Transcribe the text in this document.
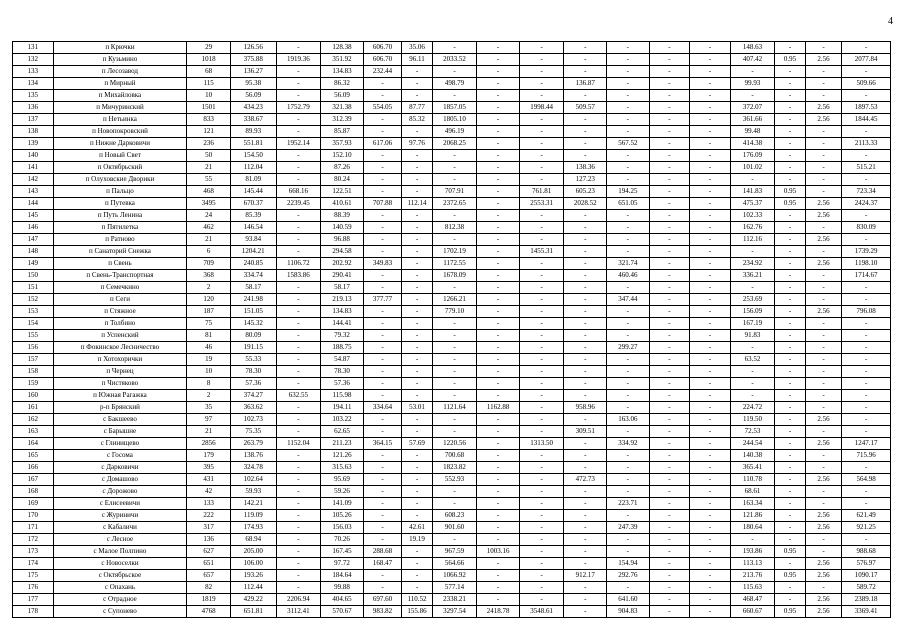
4
131	п Крючки	29	126.56	-	128.38	606.70	35.06	-	-	-	-	-	-	-	148.63	-	-	-
132	п Кузьмино	1018	375.88	1919.36	351.92	606.70	96.11	2033.52	-	-	-	-	-	-	407.42	0.95	2.56	2077.84
133	п Лесозавод	68	136.27	-	134.83	232.44	-	-	-	-	-	-	-	-	-	-	-	-
134	п Мирный	115	95.38	-	86.32	-	-	498.79	-	-	136.87	-	-	-	99.93	-	-	509.66
135	п Михайловка	10	56.09	-	56.09	-	-	-	-	-	-	-	-	-	-	-	-	-
136	п Мичуринский	1501	434.23	1752.79	321.38	554.05	87.77	1857.05	-	1998.44	509.57	-	-	-	372.07	-	2.56	1897.53
137	п Нетьинка	833	338.67	-	312.39	-	85.32	1805.10	-	-	-	-	-	-	361.66	-	2.56	1844.45
138	п Новопокровский	121	89.93	-	85.87	-	-	496.19	-	-	-	-	-	-	99.48	-	-	-
139	п Нижне Дарковичи	236	551.81	1952.14	357.93	617.06	97.76	2068.25	-	-	-	567.52	-	-	414.38	-	-	2113.33
140	п Новый Свет	50	154.50	-	152.10	-	-	-	-	-	-	-	-	-	176.09	-	-	-
141	п Октябрьский	21	112.04	-	87.26	-	-	-	-	-	138.36	-	-	-	101.02	-	-	515.21
142	п Олуховские Дворики	55	81.09	-	80.24	-	-	-	-	-	127.23	-	-	-	-	-	-	-
143	п Пальцо	468	145.44	668.16	122.51	-	-	707.91	-	761.81	605.23	194.25	-	-	141.83	0.95	-	723.34
144	п Путевка	3495	670.37	2239.45	410.61	707.88	112.14	2372.65	-	2553.31	2028.52	651.05	-	-	475.37	0.95	2.56	2424.37
145	п Путь Ленина	24	85.39	-	88.39	-	-	-	-	-	-	-	-	-	102.33	-	2.56	-
146	п Пятилетка	462	146.54	-	140.59	-	-	812.38	-	-	-	-	-	-	162.76	-	-	830.09
147	п Ратново	21	93.84	-	96.88	-	-	-	-	-	-	-	-	-	112.16	-	2.56	-
148	п Санаторий Снежка	6	1204.21	-	294.58	-	-	1702.19	-	1455.31	-	-	-	-	-	-	-	1739.29
149	п Свень	709	240.85	1106.72	202.92	349.83	-	1172.55	-	-	-	321.74	-	-	234.92	-	2.56	1198.10
150	п Свень-Транспортная	368	334.74	1583.86	290.41	-	-	1678.09	-	-	-	460.46	-	-	336.21	-	-	1714.67
151	п Семечкино	2	58.17	-	58.17	-	-	-	-	-	-	-	-	-	-	-	-	-
152	п Сеги	120	241.98	-	219.13	377.77	-	1266.21	-	-	-	347.44	-	-	253.69	-	-	-
153	п Стяжное	187	151.05	-	134.83	-	-	779.10	-	-	-	-	-	-	156.09	-	2.56	796.08
154	п Толбино	75	145.32	-	144.41	-	-	-	-	-	-	-	-	-	167.19	-	-	-
155	п Успенский	81	80.09	-	79.32	-	-	-	-	-	-	-	-	-	91.83	-	-	-
156	п Фокинское Лесничество	46	191.15	-	188.75	-	-	-	-	-	-	299.27	-	-	-	-	-	-
157	п Хотохорички	19	55.33	-	54.87	-	-	-	-	-	-	-	-	-	63.52	-	-	-
158	п Чернец	10	78.30	-	78.30	-	-	-	-	-	-	-	-	-	-	-	-	-
159	п Чистяково	8	57.36	-	57.36	-	-	-	-	-	-	-	-	-	-	-	-	-
160	п Южная Рагажка	2	374.27	632.55	115.98	-	-	-	-	-	-	-	-	-	-	-	-	-
161	р-п Брянский	35	363.62	-	194.11	334.64	53.01	1121.64	1162.88	-	958.96	-	-	-	224.72	-	-	-
162	с Бакшеево	97	102.73	-	103.22	-	-	-	-	-	-	163.06	-	-	119.50	-	2.56	-
163	с Барышне	21	75.35	-	62.65	-	-	-	-	-	309.51	-	-	-	72.53	-	-	-
164	с Глинищево	2856	263.79	1152.04	211.23	364.15	57.69	1220.56	-	1313.50	-	334.92	-	-	244.54	-	2.56	1247.17
165	с Госома	179	138.76	-	121.26	-	-	700.68	-	-	-	-	-	-	140.38	-	-	715.96
166	с Дарковичи	395	324.78	-	315.63	-	-	1823.82	-	-	-	-	-	-	365.41	-	-	-
167	с Домашово	431	102.64	-	95.69	-	-	552.93	-	-	472.73	-	-	-	110.78	-	2.56	564.98
168	с Дорожово	42	59.93	-	59.26	-	-	-	-	-	-	-	-	-	68.61	-	-	-
169	с Елисеевичи	133	142.21	-	141.09	-	-	-	-	-	-	223.71	-	-	163.34	-	-	-
170	с Журиничи	222	119.09	-	105.26	-	-	608.23	-	-	-	-	-	-	121.86	-	2.56	621.49
171	с Кабаличи	317	174.93	-	156.03	-	42.61	901.60	-	-	-	247.39	-	-	180.64	-	2.56	921.25
172	с Лесное	136	68.94	-	70.26	-	19.19	-	-	-	-	-	-	-	-	-	-	-
173	с Малое Полпино	627	205.00	-	167.45	288.68	-	967.59	1003.16	-	-	-	-	-	193.86	0.95	-	988.68
174	с Новоселки	651	106.00	-	97.72	168.47	-	564.66	-	-	-	154.94	-	-	113.13	-	2.56	576.97
175	с Октябрьское	657	193.26	-	184.64	-	-	1066.92	-	-	912.17	292.76	-	-	213.76	0.95	2.56	1090.17
176	с Опахань	82	112.44	-	99.88	-	-	577.14	-	-	-	-	-	-	115.63	-	-	589.72
177	с Отрадное	1819	429.22	2206.94	404.65	697.60	110.52	2338.21	-	-	-	641.60	-	-	468.47	-	2.56	2389.18
178	с Супонево	4768	651.81	3112.41	570.67	983.82	155.86	3297.54	2418.78	3548.61	-	904.83	-	-	660.67	0.95	2.56	3369.41
